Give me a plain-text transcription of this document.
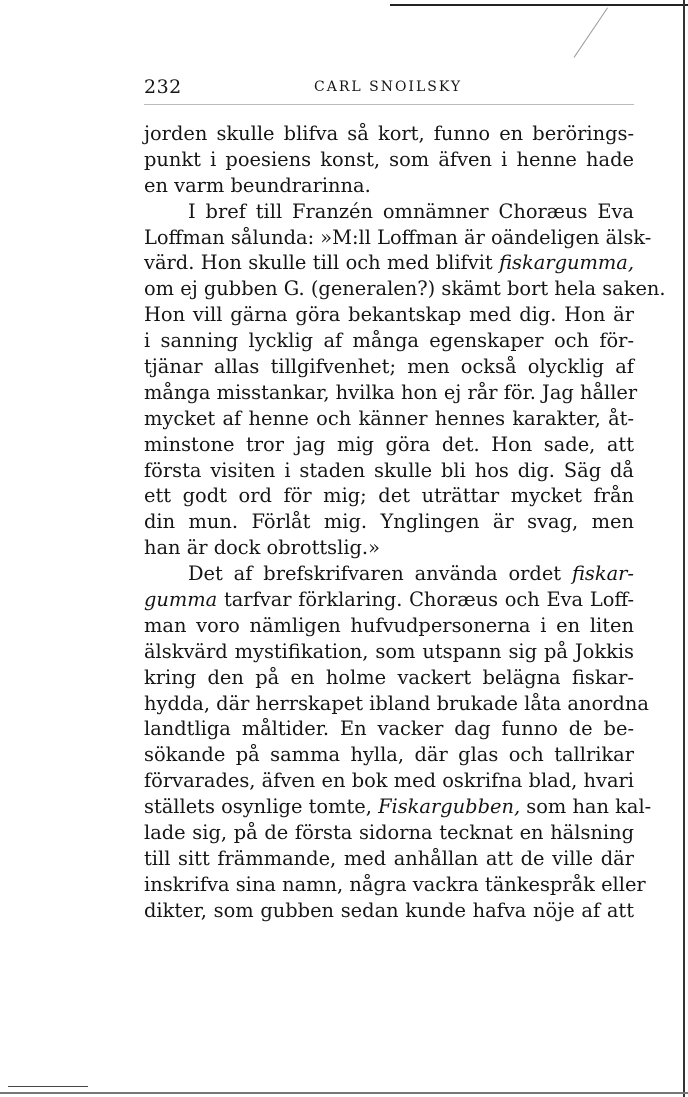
232	CARL SNOILSKY
jorden skulle blifva så kort, funno en berörings-
punkt i poesiens konst, som äfven i henne hade
en varm beundrarinna.
I bref till Franzén omnämner Choræus Eva
Loffman sålunda: »M:ll Loffman är oändeligen älsk-
värd. Hon skulle till och med blifvit fiskargumma,
om ej gubben G. (generalen?) skämt bort hela saken.
Hon vill gärna göra bekantskap med dig. Hon är
i sanning lycklig af många egenskaper och för-
tjänar allas tillgifvenhet; men också olycklig af
många misstankar, hvilka hon ej rår för. Jag håller
mycket af henne och känner hennes karakter, åt-
minstone tror jag mig göra det. Hon sade, att
första visiten i staden skulle bli hos dig. Säg då
ett godt ord för mig; det uträttar mycket från
din mun. Förlåt mig. Ynglingen är svag, men
han är dock obrottslig.»
Det af brefskrifvaren använda ordet fiskar-
gumma tarfvar förklaring. Choræus och Eva Loff-
man voro nämligen hufvudpersonerna i en liten
älskvärd mystifikation, som utspann sig på Jokkis
kring den på en holme vackert belägna fiskar-
hydda, där herrskapet ibland brukade låta anordna
landtliga måltider. En vacker dag funno de be-
sökande på samma hylla, där glas och tallrikar
förvarades, äfven en bok med oskrifna blad, hvari
ställets osynlige tomte, Fiskargubben, som han kal-
lade sig, på de första sidorna tecknat en hälsning
till sitt främmande, med anhållan att de ville där
inskrifva sina namn, några vackra tänkespråk eller
dikter, som gubben sedan kunde hafva nöje af att
